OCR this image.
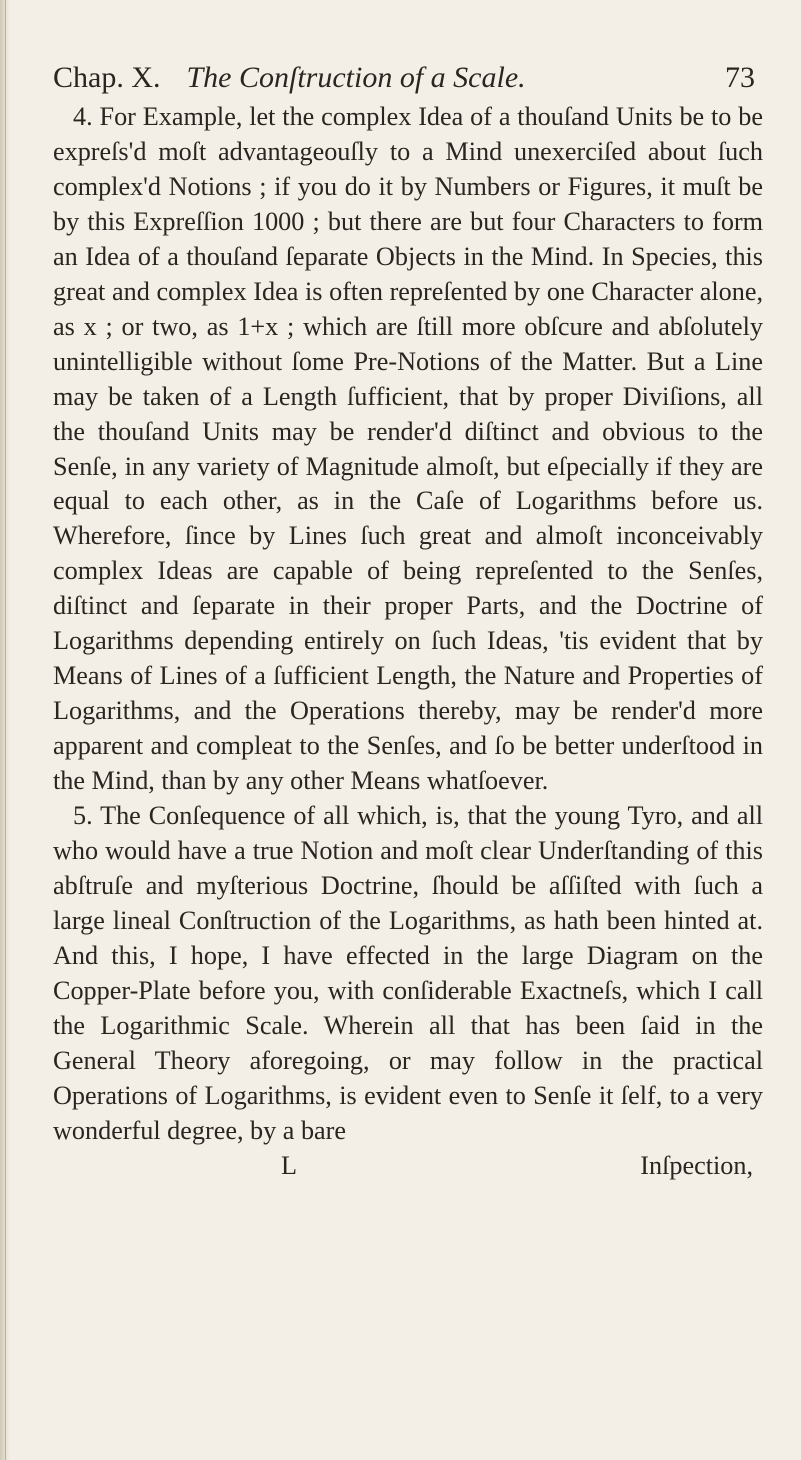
Chap. X. The Conſtruction of a Scale.	73

4. For Example, let the complex Idea of a thouſand Units be to be expreſs'd moſt advantageouſly to a Mind unexerciſed about ſuch complex'd Notions ; if you do it by Numbers or Figures, it muſt be by this Expreſſion 1000 ; but there are but four Characters to form an Idea of a thouſand ſeparate Objects in the Mind. In Species, this great and complex Idea is often repreſented by one Character alone, as x ; or two, as 1+x ; which are ſtill more obſcure and abſolutely unintelligible without ſome Pre-Notions of the Matter. But a Line may be taken of a Length ſufficient, that by proper Diviſions, all the thouſand Units may be render'd diſtinct and obvious to the Senſe, in any variety of Magnitude almoſt, but eſpecially if they are equal to each other, as in the Caſe of Logarithms before us. Wherefore, ſince by Lines ſuch great and almoſt inconceivably complex Ideas are capable of being repreſented to the Senſes, diſtinct and ſeparate in their proper Parts, and the Doctrine of Logarithms depending entirely on ſuch Ideas, 'tis evident that by Means of Lines of a ſufficient Length, the Nature and Properties of Logarithms, and the Operations thereby, may be render'd more apparent and compleat to the Senſes, and ſo be better underſtood in the Mind, than by any other Means whatſoever.

5. The Conſequence of all which, is, that the young Tyro, and all who would have a true Notion and moſt clear Underſtanding of this abſtruſe and myſterious Doctrine, ſhould be aſſiſted with ſuch a large lineal Conſtruction of the Logarithms, as hath been hinted at. And this, I hope, I have effected in the large Diagram on the Copper-Plate before you, with conſiderable Exactneſs, which I call the Logarithmic Scale. Wherein all that has been ſaid in the General Theory aforegoing, or may follow in the practical Operations of Logarithms, is evident even to Senſe it ſelf, to a very wonderful degree, by a bare

L	Inſpection,
